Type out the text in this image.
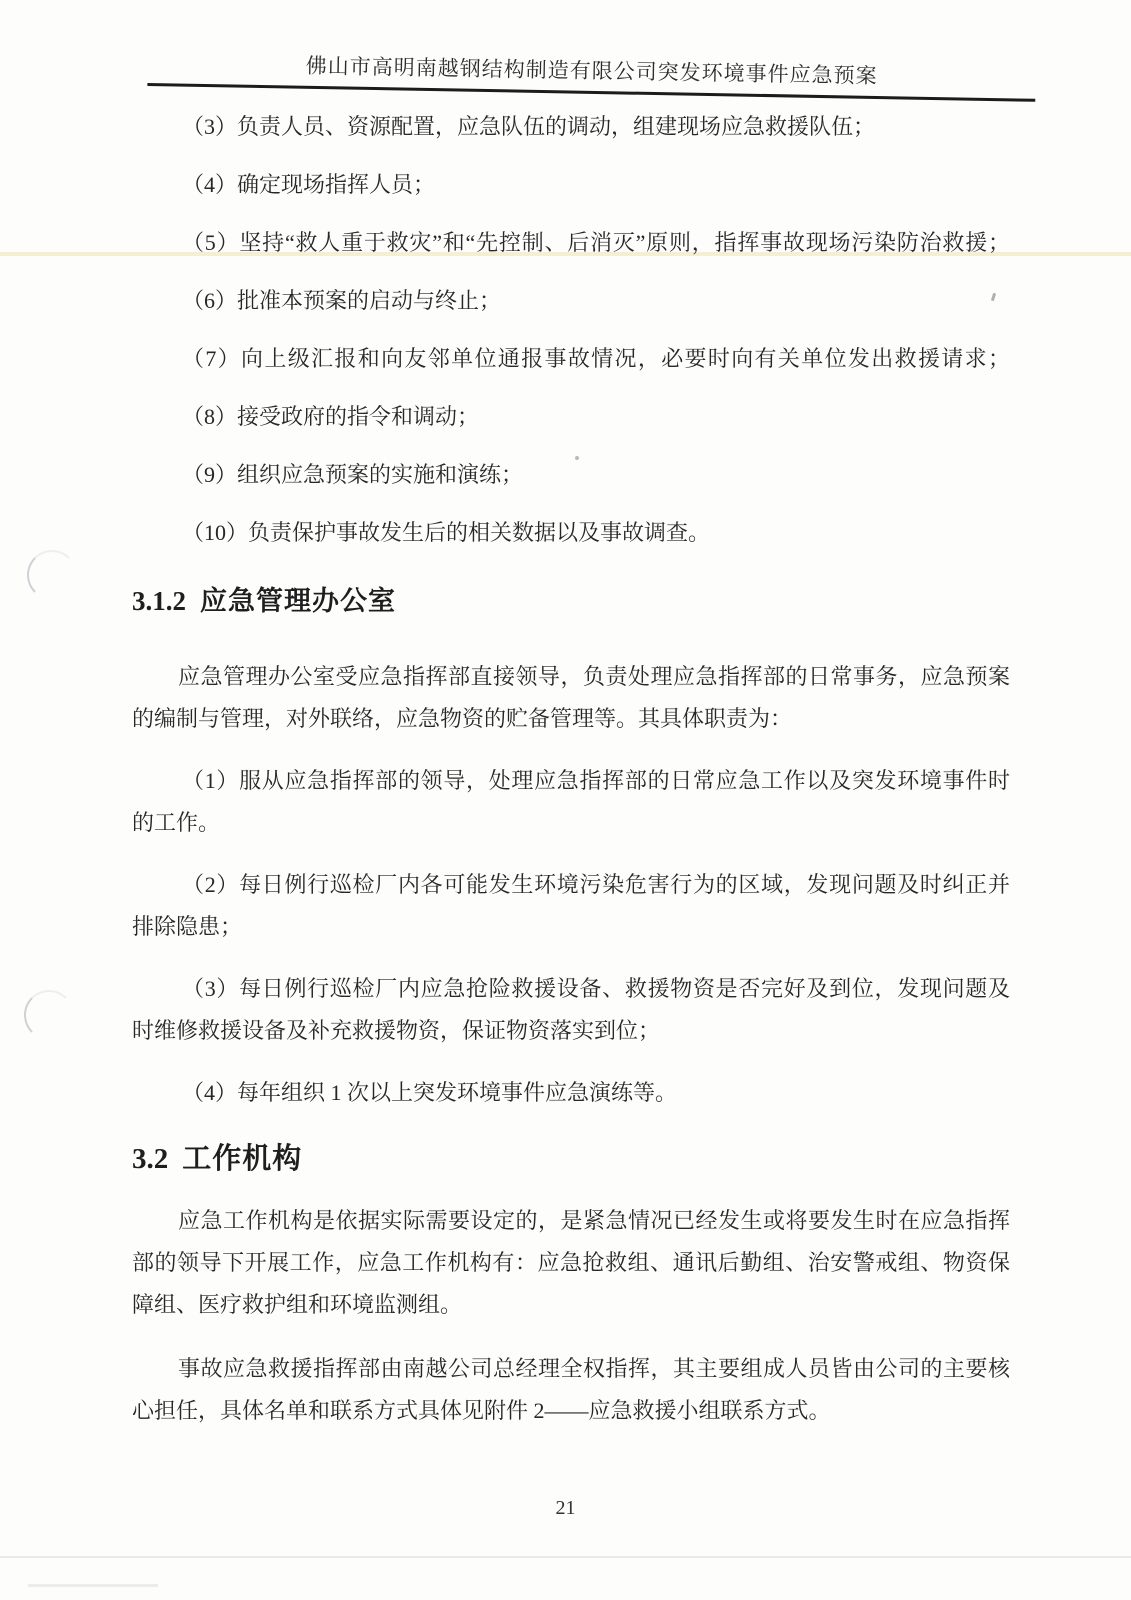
佛山市高明南越钢结构制造有限公司突发环境事件应急预案
（3）负责人员、资源配置，应急队伍的调动，组建现场应急救援队伍；
（4）确定现场指挥人员；
（5）坚持“救人重于救灾”和“先控制、后消灭”原则，指挥事故现场污染防治救援；
（6）批准本预案的启动与终止；
（7）向上级汇报和向友邻单位通报事故情况，必要时向有关单位发出救援请求；
（8）接受政府的指令和调动；
（9）组织应急预案的实施和演练；
（10）负责保护事故发生后的相关数据以及事故调查。
3.1.2 应急管理办公室
应急管理办公室受应急指挥部直接领导，负责处理应急指挥部的日常事务，应急预案
的编制与管理，对外联络，应急物资的贮备管理等。其具体职责为：
（1）服从应急指挥部的领导，处理应急指挥部的日常应急工作以及突发环境事件时
的工作。
（2）每日例行巡检厂内各可能发生环境污染危害行为的区域，发现问题及时纠正并
排除隐患；
（3）每日例行巡检厂内应急抢险救援设备、救援物资是否完好及到位，发现问题及
时维修救援设备及补充救援物资，保证物资落实到位；
（4）每年组织 1 次以上突发环境事件应急演练等。
3.2 工作机构
应急工作机构是依据实际需要设定的，是紧急情况已经发生或将要发生时在应急指挥
部的领导下开展工作，应急工作机构有：应急抢救组、通讯后勤组、治安警戒组、物资保
障组、医疗救护组和环境监测组。
事故应急救援指挥部由南越公司总经理全权指挥，其主要组成人员皆由公司的主要核
心担任，具体名单和联系方式具体见附件 2——应急救援小组联系方式。
21
